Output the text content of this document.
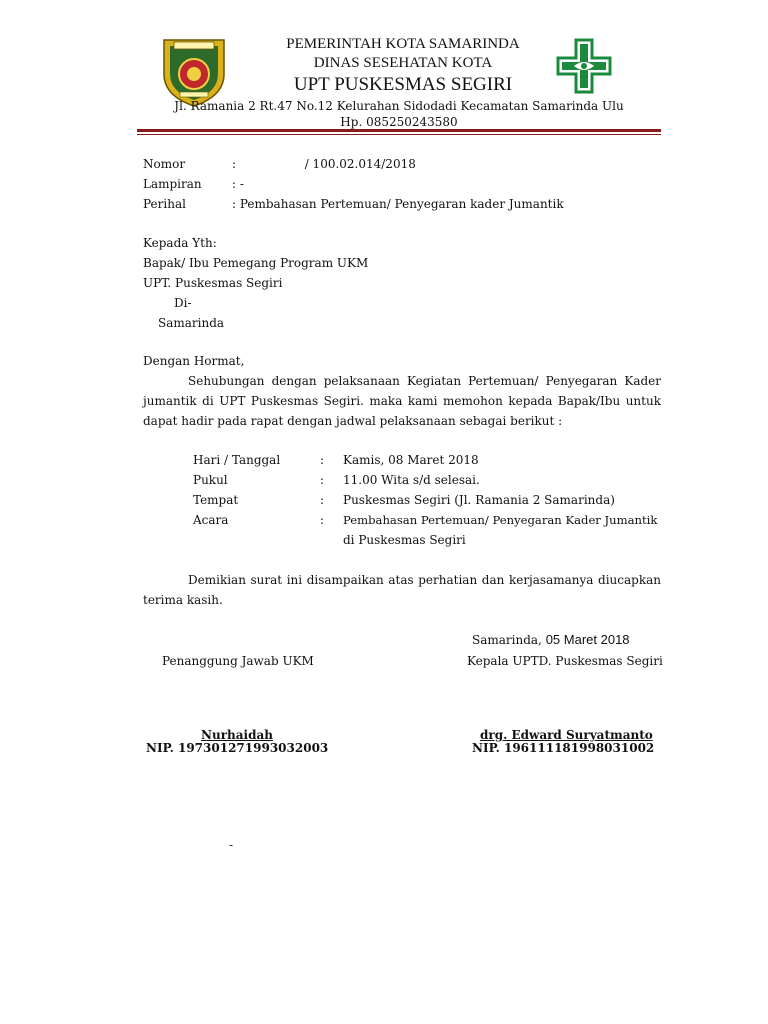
PEMERINTAH KOTA SAMARINDA
DINAS SESEHATAN KOTA
UPT PUSKESMAS SEGIRI
Jl. Ramania 2 Rt.47 No.12 Kelurahan Sidodadi Kecamatan Samarinda Ulu
Hp. 085250243580
Nomor	:                  / 100.02.014/2018
Lampiran	: -
Perihal	: Pembahasan Pertemuan/ Penyegaran kader Jumantik
Kepada Yth:
Bapak/ Ibu Pemegang Program UKM
UPT. Puskesmas Segiri
Di-
Samarinda
Dengan Hormat,
Sehubungan dengan pelaksanaan Kegiatan Pertemuan/ Penyegaran Kader
jumantik di UPT Puskesmas Segiri. maka kami memohon kepada Bapak/Ibu untuk
dapat hadir pada rapat dengan jadwal pelaksanaan sebagai berikut :
Hari / Tanggal	: Kamis, 08 Maret 2018
Pukul	: 11.00 Wita s/d selesai.
Tempat	: Puskesmas Segiri (Jl. Ramania 2 Samarinda)
Acara	: Pembahasan Pertemuan/ Penyegaran Kader Jumantik
di Puskesmas Segiri
Demikian surat ini disampaikan atas perhatian dan kerjasamanya diucapkan
terima kasih.
Samarinda, 05 Maret 2018
Penanggung Jawab UKM	Kepala UPTD. Puskesmas Segiri
Nurhaidah
NIP. 197301271993032003
drg. Edward Suryatmanto
NIP. 196111181998031002
-
